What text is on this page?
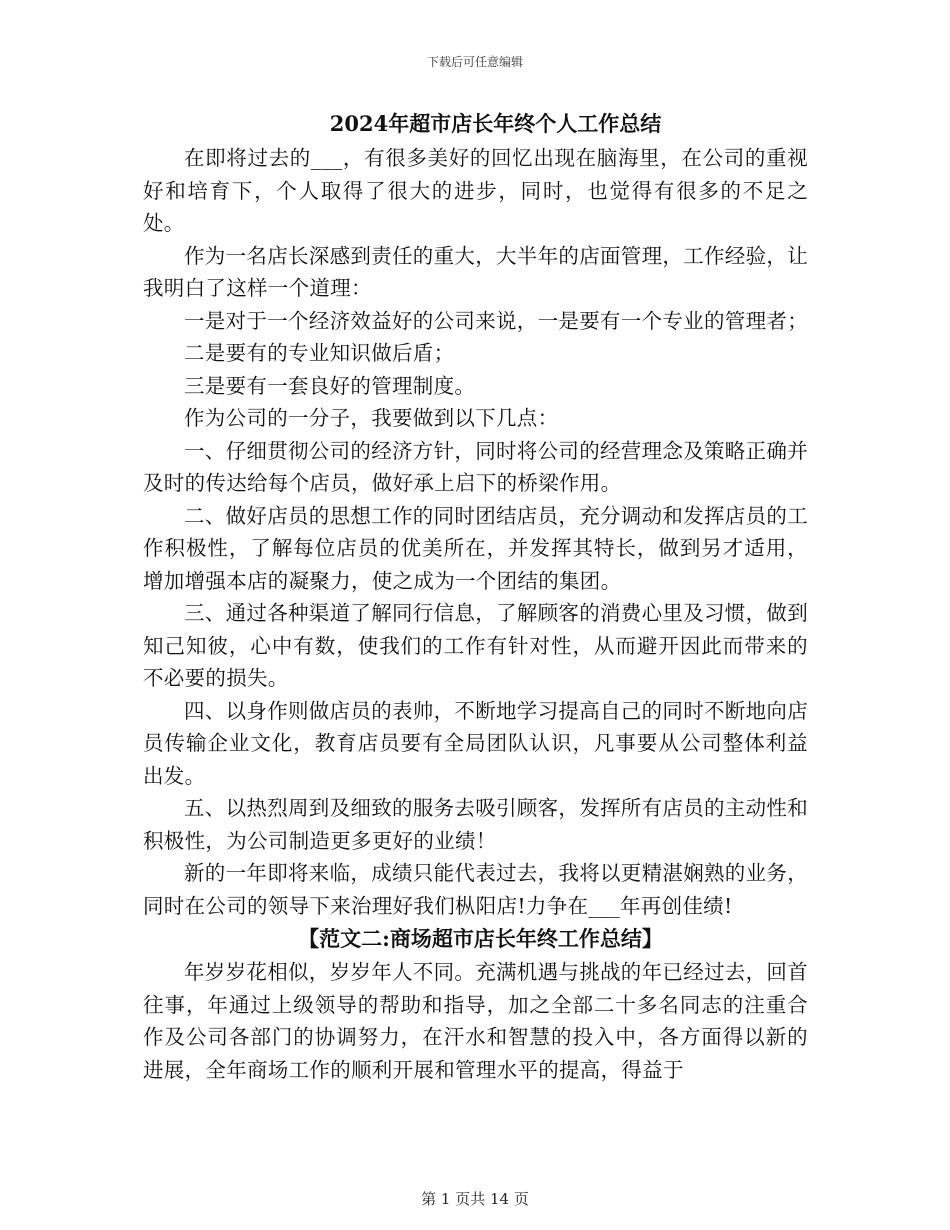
下载后可任意编辑
2024年超市店长年终个人工作总结

在即将过去的___，有很多美好的回忆出现在脑海里，在公司的重视好和培育下，个人取得了很大的进步，同时，也觉得有很多的不足之处。

作为一名店长深感到责任的重大，大半年的店面管理，工作经验，让我明白了这样一个道理：

一是对于一个经济效益好的公司来说，一是要有一个专业的管理者；

二是要有的专业知识做后盾；

三是要有一套良好的管理制度。

作为公司的一分子，我要做到以下几点：

一、仔细贯彻公司的经济方针，同时将公司的经营理念及策略正确并及时的传达给每个店员，做好承上启下的桥梁作用。

二、做好店员的思想工作的同时团结店员，充分调动和发挥店员的工作积极性，了解每位店员的优美所在，并发挥其特长，做到另才适用，增加增强本店的凝聚力，使之成为一个团结的集团。

三、通过各种渠道了解同行信息，了解顾客的消费心里及习惯，做到知己知彼，心中有数，使我们的工作有针对性，从而避开因此而带来的不必要的损失。

四、以身作则做店员的表帅，不断地学习提高自己的同时不断地向店员传输企业文化，教育店员要有全局团队认识，凡事要从公司整体利益出发。

五、以热烈周到及细致的服务去吸引顾客，发挥所有店员的主动性和积极性，为公司制造更多更好的业绩！

新的一年即将来临，成绩只能代表过去，我将以更精湛娴熟的业务，同时在公司的领导下来治理好我们枞阳店!力争在___年再创佳绩!

【范文二:商场超市店长年终工作总结】

年岁岁花相似，岁岁年人不同。充满机遇与挑战的年已经过去，回首往事，年通过上级领导的帮助和指导，加之全部二十多名同志的注重合作及公司各部门的协调努力，在汗水和智慧的投入中，各方面得以新的进展，全年商场工作的顺利开展和管理水平的提高，得益于

第 1 页共 14 页
